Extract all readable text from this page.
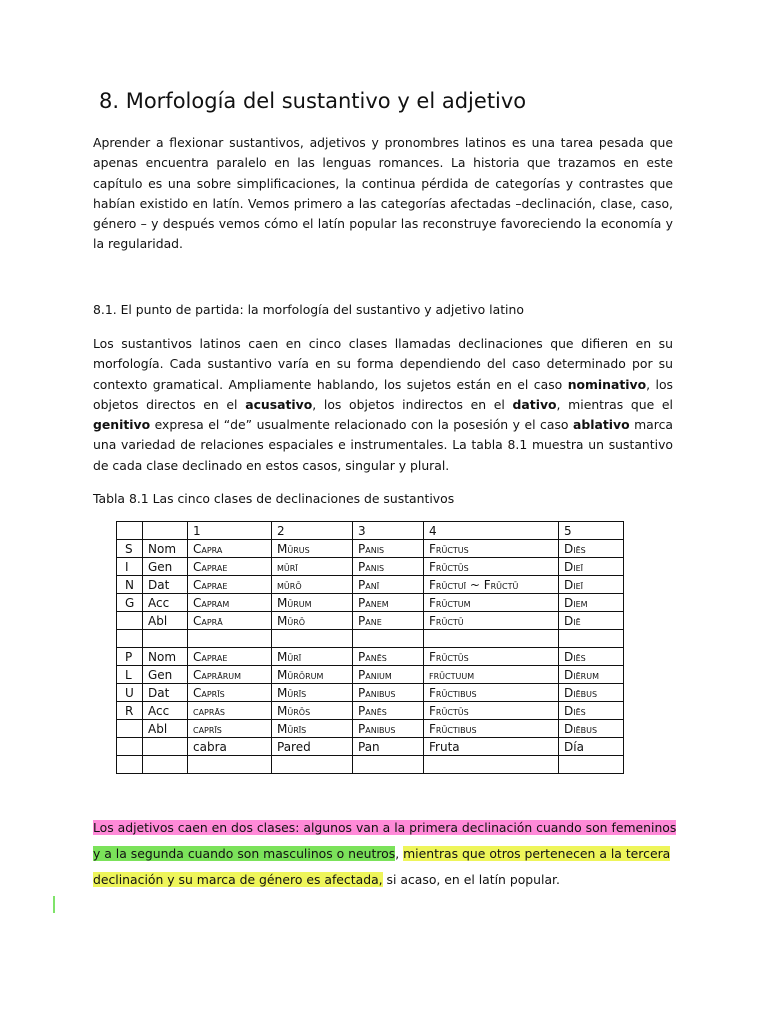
8. Morfología del sustantivo y el adjetivo

Aprender a flexionar sustantivos, adjetivos y pronombres latinos es una tarea pesada que apenas encuentra paralelo en las lenguas romances. La historia que trazamos en este capítulo es una sobre simplificaciones, la continua pérdida de categorías y contrastes que habían existido en latín. Vemos primero a las categorías afectadas –declinación, clase, caso, género – y después vemos cómo el latín popular las reconstruye favoreciendo la economía y la regularidad.

8.1. El punto de partida: la morfología del sustantivo y adjetivo latino

Los sustantivos latinos caen en cinco clases llamadas declinaciones que difieren en su morfología. Cada sustantivo varía en su forma dependiendo del caso determinado por su contexto gramatical. Ampliamente hablando, los sujetos están en el caso nominativo, los objetos directos en el acusativo, los objetos indirectos en el dativo, mientras que el genitivo expresa el “de” usualmente relacionado con la posesión y el caso ablativo marca una variedad de relaciones espaciales e instrumentales. La tabla 8.1 muestra un sustantivo de cada clase declinado en estos casos, singular y plural.

Tabla 8.1 Las cinco clases de declinaciones de sustantivos

		1	2	3	4	5
S	Nom	Capra	Mūrus	Panis	Frūctus	Diēs
I	Gen	Caprae	mūrī	Panis	Frūctūs	Dieī
N	Dat	Caprae	mūrō	Panī	Frūctuī ~ Frūctū	Dieī
G	Acc	Capram	Mūrum	Panem	Frūctum	Diem
	Abl	Caprā	Mūrō	Pane	Frūctū	Diē

P	Nom	Caprae	Mūrī	Panēs	Frūctūs	Diēs
L	Gen	Caprārum	Mūrōrum	Panium	frūctuum	Diērum
U	Dat	Caprīs	Mūrīs	Panibus	Frūctibus	Diēbus
R	Acc	caprās	Mūrōs	Panēs	Frūctūs	Diēs
	Abl	caprīs	Mūrīs	Panibus	Frūctibus	Diēbus
		cabra	Pared	Pan	Fruta	Día

Los adjetivos caen en dos clases: algunos van a la primera declinación cuando son femeninos

y a la segunda cuando son masculinos o neutros, mientras que otros pertenecen a la tercera

declinación y su marca de género es afectada, si acaso, en el latín popular.
